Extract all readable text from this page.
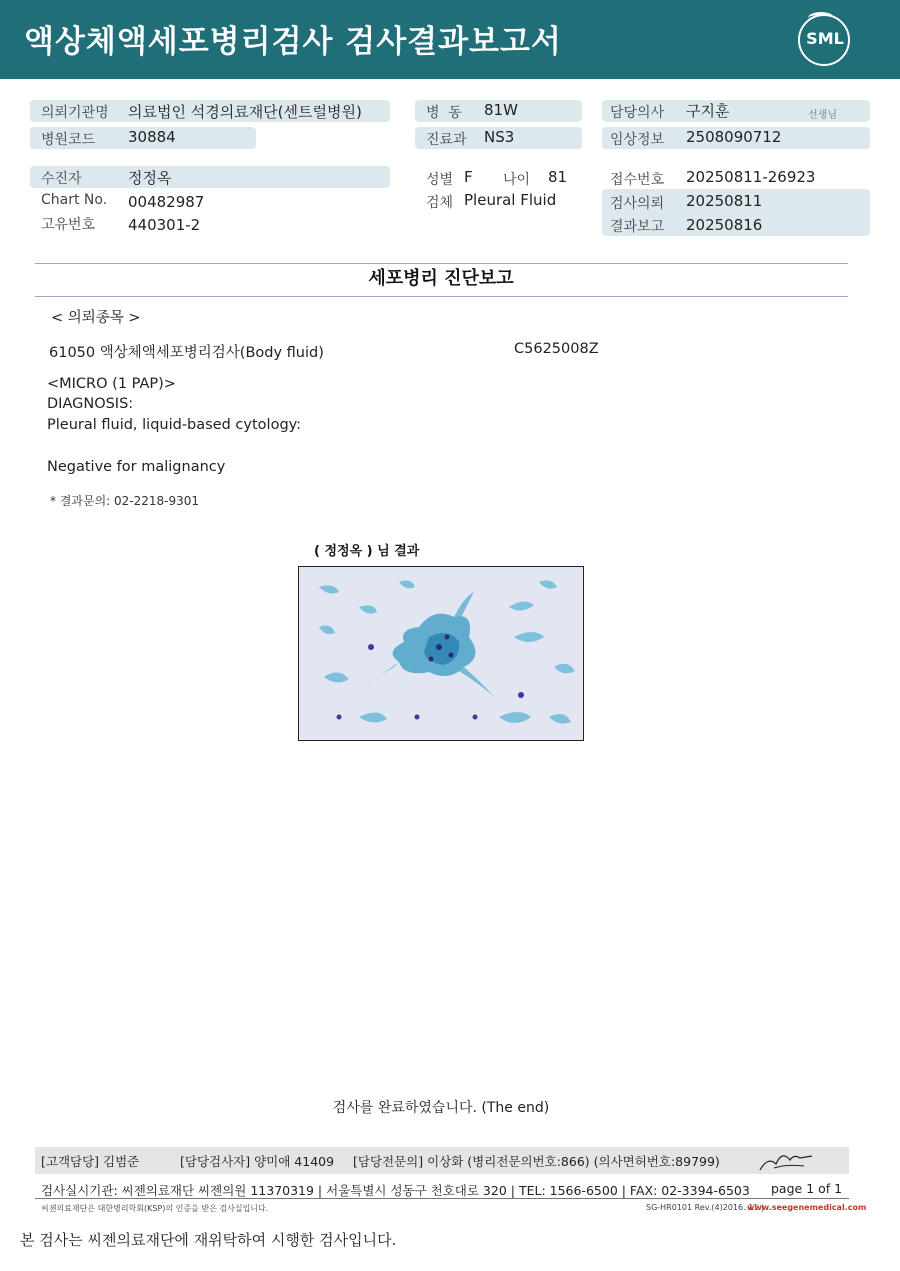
액상체액세포병리검사 검사결과보고서	SML
의뢰기관명 의료법인 석경의료재단(센트럴병원)
병원코드 30884
병  동 81W
진료과 NS3
담당의사 구지훈	선생님
임상정보 2508090712
수진자	정정옥
Chart No. 00482987
고유번호 440301-2
성별 F 나이 81
검체 Pleural Fluid
접수번호 20250811-26923
검사의뢰 20250811
결과보고 20250816
세포병리 진단보고
< 의뢰종목 >
61050 액상체액세포병리검사(Body fluid)	C5625008Z
<MICRO (1 PAP)>
DIAGNOSIS:
Pleural fluid, liquid-based cytology:
Negative for malignancy
* 결과문의: 02-2218-9301
( 정정옥 ) 님 결과
검사를 완료하였습니다. (The end)
[고객담당] 김범준	[담당검사자] 양미애 41409 [담당전문의] 이상화 (병리전문의번호:866) (의사면허번호:89799)
검사실시기관: 씨젠의료재단 씨젠의원 11370319 | 서울특별시 성동구 천호대로 320 | TEL: 1566-6500 | FAX: 02-3394-6503 page 1 of 1
씨젠의료재단은 대한병리학회(KSP)의 인증을 받은 검사실입니다.	SG-HR0101 Rev.(4)2016. 11 |
www.seegenemedical.com
본 검사는 씨젠의료재단에 재위탁하여 시행한 검사입니다.
